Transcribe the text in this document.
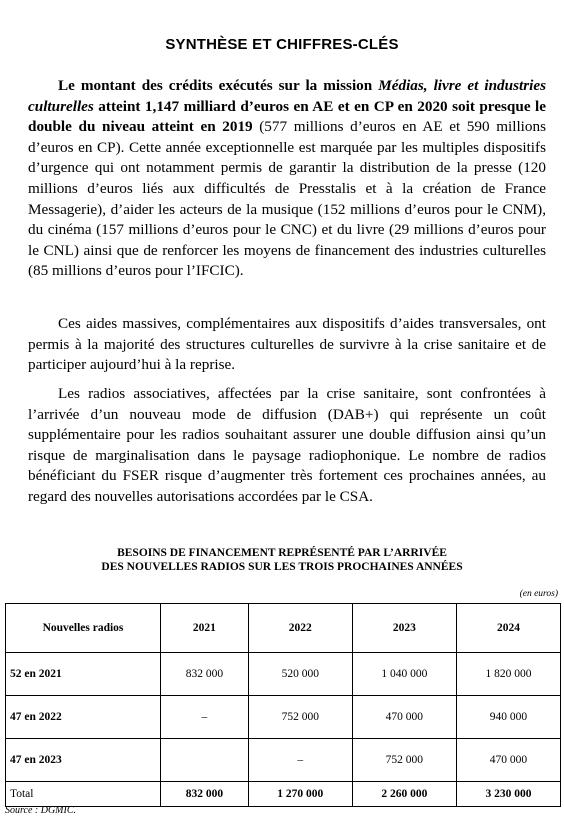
SYNTHÈSE ET CHIFFRES-CLÉS

Le montant des crédits exécutés sur la mission Médias, livre et industries culturelles atteint 1,147 milliard d’euros en AE et en CP en 2020 soit presque le double du niveau atteint en 2019 (577 millions d’euros en AE et 590 millions d’euros en CP). Cette année exceptionnelle est marquée par les multiples dispositifs d’urgence qui ont notamment permis de garantir la distribution de la presse (120 millions d’euros liés aux difficultés de Presstalis et à la création de France Messagerie), d’aider les acteurs de la musique (152 millions d’euros pour le CNM), du cinéma (157 millions d’euros pour le CNC) et du livre (29 millions d’euros pour le CNL) ainsi que de renforcer les moyens de financement des industries culturelles (85 millions d’euros pour l’IFCIC).

Ces aides massives, complémentaires aux dispositifs d’aides transversales, ont permis à la majorité des structures culturelles de survivre à la crise sanitaire et de participer aujourd’hui à la reprise.

Les radios associatives, affectées par la crise sanitaire, sont confrontées à l’arrivée d’un nouveau mode de diffusion (DAB+) qui représente un coût supplémentaire pour les radios souhaitant assurer une double diffusion ainsi qu’un risque de marginalisation dans le paysage radiophonique. Le nombre de radios bénéficiant du FSER risque d’augmenter très fortement ces prochaines années, au regard des nouvelles autorisations accordées par le CSA.

BESOINS DE FINANCEMENT REPRÉSENTÉ PAR L’ARRIVÉE
DES NOUVELLES RADIOS SUR LES TROIS PROCHAINES ANNÉES
(en euros)
Nouvelles radios	2021	2022	2023	2024
52 en 2021	832 000	520 000	1 040 000	1 820 000
47 en 2022	–	752 000	470 000	940 000
47 en 2023		–	752 000	470 000
Total	832 000	1 270 000	2 260 000	3 230 000
Source : DGMIC.
